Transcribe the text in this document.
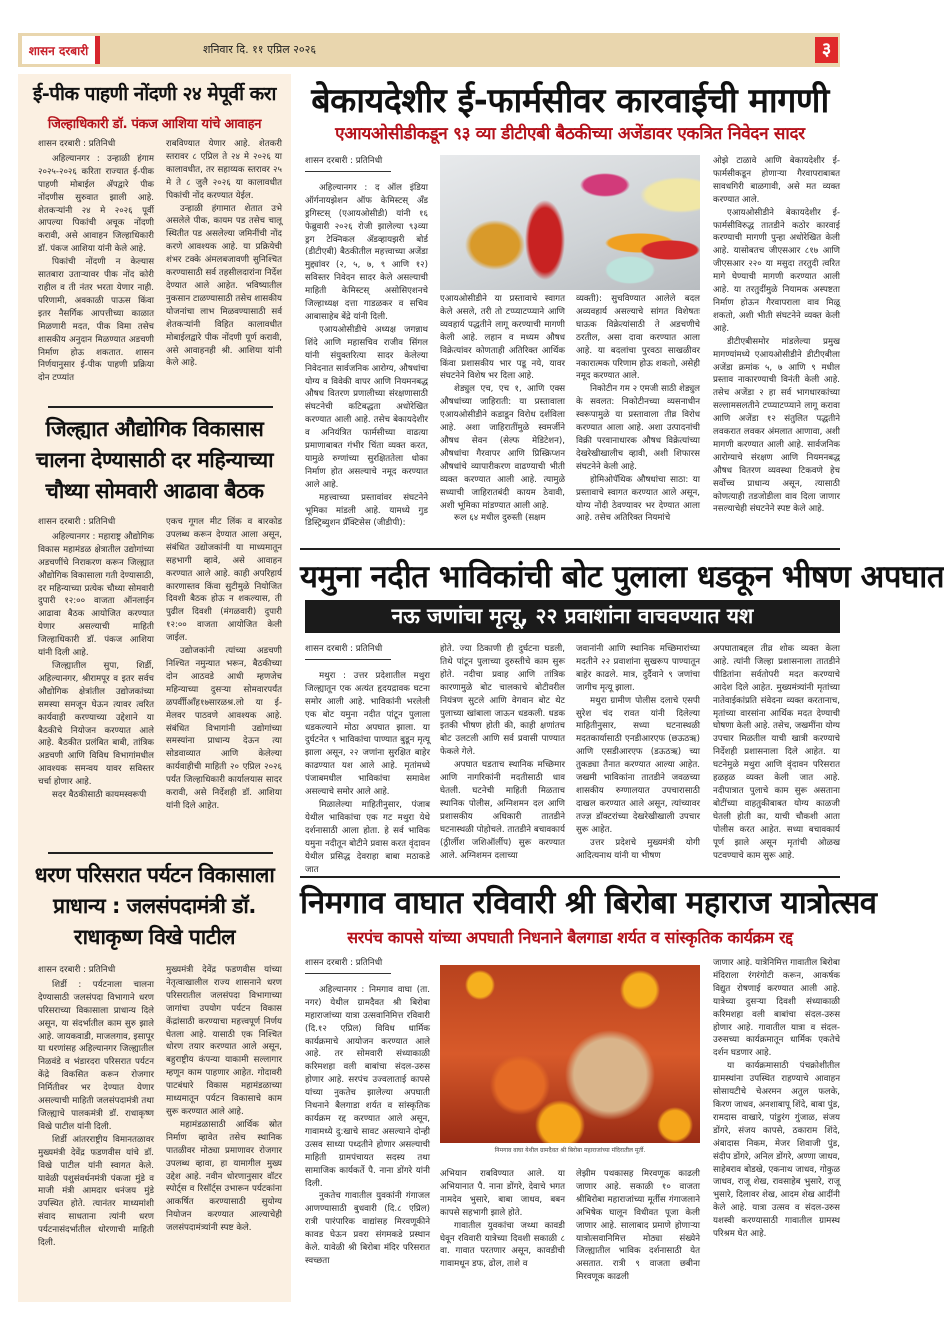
शासन दरबारी	शनिवार दि. ११ एप्रिल २०२६	३
ई-पीक पाहणी नोंदणी २४ मेपूर्वी करा
जिल्हाधिकारी डॉ. पंकज आशिया यांचे आवाहन
शासन दरबारी : प्रतिनिधी

अहिल्यानगर : उन्हाळी हंगाम २०२५-२०२६ करिता राज्यात ई-पीक पाहणी मोबाईल ॲपद्वारे पीक नोंदणीस सुरुवात झाली आहे. शेतकऱ्यांनी २४ मे २०२६ पूर्वी आपल्या पिकांची अचूक नोंदणी करावी, असे आवाहन जिल्हाधिकारी डॉ. पंकज आशिया यांनी केले आहे.

पिकांची नोंदणी न केल्यास सातबारा उताऱ्यावर पीक नोंद कोरी राहील व ती नंतर भरता येणार नाही. परिणामी, अवकाळी पाऊस किंवा इतर नैसर्गिक आपत्तीच्या काळात मिळणारी मदत, पीक विमा तसेच शासकीय अनुदान मिळण्यात अडचणी निर्माण होऊ शकतात. शासन निर्णयानुसार ई-पीक पाहणी प्रक्रिया दोन टप्प्यांत

राबविण्यात येणार आहे. शेतकरी स्तरावर ८ एप्रिल ते २४ मे २०२६ या कालावधीत, तर सहाय्यक स्तरावर २५ मे ते ८ जुलै २०२६ या कालावधीत पिकांची नोंद करण्यात येईल.

उन्हाळी हंगामात शेतात उभे असलेले पीक, कायम पड तसेच चालू स्थितीत पड असलेल्या जमिनींची नोंद करणे आवश्यक आहे. या प्रक्रियेची शंभर टक्के अंमलबजावणी सुनिश्चित करण्यासाठी सर्व तहसीलदारांना निर्देश देण्यात आले आहेत. भविष्यातील नुकसान टाळण्यासाठी तसेच शासकीय योजनांचा लाभ मिळवण्यासाठी सर्व शेतकऱ्यांनी विहित कालावधीत मोबाईलद्वारे पीक नोंदणी पूर्ण करावी, असे आवाहनही श्री. आशिया यांनी केले आहे.

जिल्ह्यात औद्योगिक विकासास
चालना देण्यासाठी दर महिन्याच्या
चौथ्या सोमवारी आढावा बैठक
शासन दरबारी : प्रतिनिधी

अहिल्यानगर : महाराष्ट्र औद्योगिक विकास महामंडळ क्षेत्रातील उद्योगांच्या अडचणींचे निराकरण करून जिल्ह्यात औद्योगिक विकासाला गती देण्यासाठी, दर महिन्याच्या प्रत्येक चौथ्या सोमवारी दुपारी १२:०० वाजता ऑनलाईन आढावा बैठक आयोजित करण्यात येणार असल्याची माहिती जिल्हाधिकारी डॉ. पंकज आशिया यांनी दिली आहे.

जिल्ह्यातील सुपा, शिर्डी, अहिल्यानगर, श्रीरामपूर व इतर सर्वच औद्योगिक क्षेत्रांतील उद्योजकांच्या समस्या समजून घेऊन त्यावर त्वरित कार्यवाही करण्याच्या उद्देशाने या बैठकीचे नियोजन करण्यात आले आहे. बैठकीत प्रलंबित बाबी, तांत्रिक अडचणी आणि विविध विभागांमधील आवश्यक समन्वय यावर सविस्तर चर्चा होणार आहे.

सदर बैठकीसाठी कायमस्वरूपी

एकच गूगल मीट लिंक व बारकोड उपलब्ध करून देण्यात आला असून, संबंधित उद्योजकांनी या माध्यमातून सहभागी व्हावे, असे आवाहन करण्यात आले आहे. काही अपरिहार्य कारणास्तव किंवा सुटीमुळे नियोजित दिवशी बैठक होऊ न शकल्यास, ती पुढील दिवशी (मंगळवारी) दुपारी १२:०० वाजता आयोजित केली जाईल.

उद्योजकांनी त्यांच्या अडचणी निश्चित नमुन्यात भरून, बैठकीच्या दोन आठवडे आधी म्हणजेच महिन्याच्या दुसऱ्या सोमवारपर्यंत ळपर्वीीऑंह१७सारळश्र.लो या ई-मेलवर पाठवणे आवश्यक आहे. संबंधित विभागांनी उद्योगांच्या समस्यांना प्राधान्य देऊन त्या सोडवाव्यात आणि केलेल्या कार्यवाहीची माहिती २० एप्रिल २०२६ पर्यंत जिल्हाधिकारी कार्यालयास सादर करावी, असे निर्देशही डॉ. आशिया यांनी दिले आहेत.

धरण परिसरात पर्यटन विकासाला
प्राधान्य : जलसंपदामंत्री डॉ.
राधाकृष्ण विखे पाटील
शासन दरबारी : प्रतिनिधी

शिर्डी : पर्यटनाला चालना देण्यासाठी जलसंपदा विभागाने धरण परिसराच्या विकासाला प्राधान्य दिले असून, या संदर्भातील काम सुरु झाले आहे. जायकवाडी, माजलगाव, इसापूर या धरणांसह अहिल्यानगर जिल्ह्यातील निळवंडे व भंडारदरा परिसरात पर्यटन केंद्रे विकसित करून रोजगार निर्मितीवर भर देण्यात येणार असल्याची माहिती जलसंपदामंत्री तथा जिल्ह्याचे पालकमंत्री डॉ. राधाकृष्ण विखे पाटील यांनी दिली.

शिर्डी आंतरराष्ट्रीय विमानतळावर मुख्यमंत्री देवेंद्र फडणवीस यांचे डॉ. विखे पाटील यांनी स्वागत केले. यावेळी पशुसंवर्धनमंत्री पंकजा मुंडे व माजी मंत्री आमदार धनंजय मुंडे उपस्थित होते. त्यानंतर माध्यमांशी संवाद साधताना त्यांनी धरण पर्यटनासंदर्भातील धोरणाची माहिती दिली.

मुख्यमंत्री देवेंद्र फडणवीस यांच्या नेतृत्वाखालील राज्य शासनाने धरण परिसरातील जलसंपदा विभागाच्या जागांचा उपयोग पर्यटन विकास केंद्रांसाठी करण्याचा महत्त्वपूर्ण निर्णय घेतला आहे. यासाठी एक निश्चित धोरण तयार करण्यात आले असून, बहुराष्ट्रीय कंपन्या याकामी सल्लागार म्हणून काम पाहणार आहेत. गोदावरी पाटबंधारे विकास महामंडळाच्या माध्यमातून पर्यटन विकासाचे काम सुरू करण्यात आले आहे.

महामंडळासाठी आर्थिक स्रोत निर्माण व्हावेत तसेच स्थानिक पातळीवर मोठ्या प्रमाणावर रोजगार उपलब्ध व्हावा, हा यामागील मुख्य उद्देश आहे. नवीन धोरणानुसार वॉटर स्पोर्ट्स व रिसॉर्ट्स उभारून पर्यटकांना आकर्षित करण्यासाठी सुयोग्य नियोजन करण्यात आल्याचेही जलसंपदामंत्र्यांनी स्पष्ट केले.

बेकायदेशीर ई-फार्मसीवर कारवाईची मागणी
एआयओसीडीकडून ९३ व्या डीटीएबी बैठकीच्या अजेंडावर एकत्रित निवेदन सादर
शासन दरबारी : प्रतिनिधी

अहिल्यानगर : द ऑल इंडिया ऑर्गनायझेशन ऑफ केमिस्टस्‌ अँड ड्रगिस्टस्‌ (एआयओसीडी) यांनी १६ फेब्रुवारी २०२६ रोजी झालेल्या ९३व्या ड्रग टेक्निकल ॲडव्हायझरी बोर्ड (डीटीएबी) बैठकीतील महत्त्वाच्या अजेंडा मुद्द्यांवर (२, ५, ७, ९ आणि १२) सविस्तर निवेदन सादर केले असल्याची माहिती केमिस्टस्‌ असोसिएशनचे जिल्हाध्यक्ष दत्ता गाडळकर व सचिव आबासाहेब बेंद्रे यांनी दिली.

एआयओसीडीचे अध्यक्ष जगन्नाथ शिंदे आणि महासचिव राजीव सिंगल यांनी संयुक्तरित्या सादर केलेल्या निवेदनात सार्वजनिक आरोग्य, औषधांचा योग्य व विवेकी वापर आणि नियमनबद्ध औषध वितरण प्रणालीच्या संरक्षणासाठी संघटनेची कटिबद्धता अधोरेखित करण्यात आली आहे. तसेच बेकायदेशीर व अनियंत्रित फार्मसीच्या वाढत्या प्रमाणाबाबत गंभीर चिंता व्यक्त करत, यामुळे रुग्णांच्या सुरक्षिततेला धोका निर्माण होत असल्याचे नमूद करण्यात आले आहे.

महत्त्वाच्या प्रस्तावांवर संघटनेने भूमिका मांडली आहे. यामध्ये गुड डिस्ट्रिब्युशन प्रॅक्टिसेस (जीडीपी):

एआयओसीडीने या प्रस्तावाचे स्वागत केले असले, तरी तो टप्प्याटप्प्याने आणि व्यवहार्य पद्धतीने लागू करण्याची मागणी केली आहे. लहान व मध्यम औषध विक्रेत्यांवर कोणताही अतिरिक्त आर्थिक किंवा प्रशासकीय भार पडू नये, यावर संघटनेने विशेष भर दिला आहे.

शेड्युल एच, एच १, आणि एक्स औषधांच्या जाहिराती: या प्रस्तावाला एआयओसीडीने कडाडून विरोध दर्शविला आहे. अशा जाहिरातींमुळे स्वमर्जीने औषध सेवन (सेल्फ मेडिटेशन), औषधांचा गैरवापर आणि प्रिस्क्रिप्शन औषधांचे व्यापारीकरण वाढण्याची भीती व्यक्त करण्यात आली आहे. त्यामुळे सध्याची जाहिरातबंदी कायम ठेवावी, अशी भूमिका मांडण्यात आली आहे.

रूल ६४ मधील दुरुस्ती (सक्षम

व्यक्ती): सुचविण्यात आलेले बदल अव्यवहार्य असल्याचे सांगत विशेषतः घाऊक विक्रेत्यांसाठी ते अडचणीचे ठरतील, असा दावा करण्यात आला आहे. या बदलांचा पुरवठा साखळीवर नकारात्मक परिणाम होऊ शकतो, असेही नमूद करण्यात आले.

निकोटीन गम २ एमजी साठी शेड्युल के सवलत: निकोटीनच्या व्यसनाधीन स्वरूपामुळे या प्रस्तावाला तीव्र विरोध करण्यात आला आहे. अशा उत्पादनांची विक्री परवानाधारक औषध विक्रेत्यांच्या देखरेखीखालीच व्हावी, अशी शिफारस संघटनेने केली आहे.

होमिओपॅथिक औषधांचा साठा: या प्रस्तावाचे स्वागत करण्यात आले असून, योग्य नोंदी ठेवण्यावर भर देण्यात आला आहे. तसेच अतिरिक्त नियमांचे

ओझे टाळावे आणि बेकायदेशीर ई-फार्मसीकडून होणाऱ्या गैरवापराबाबत सावधगिरी बाळगावी, असे मत व्यक्त करण्यात आले.

एआयओसीडीने बेकायदेशीर ई-फार्मसीविरुद्ध तातडीने कठोर कारवाई करण्याची मागणी पुन्हा अधोरेखित केली आहे. यासोबतच जीएसआर ८१७ आणि जीएसआर २२० या मसुदा तरतुदी त्वरित मागे घेण्याची मागणी करण्यात आली आहे. या तरतुदींमुळे नियामक अस्पष्टता निर्माण होऊन गैरवापराला वाव मिळू शकतो, अशी भीती संघटनेने व्यक्त केली आहे.

डीटीएबीसमोर मांडलेल्या प्रमुख मागण्यांमध्ये एआयओसीडीने डीटीएबीला अजेंडा क्रमांक ५, ७ आणि ९ मधील प्रस्ताव नाकारण्याची विनंती केली आहे. तसेच अजेंडा २ हा सर्व भागधारकांच्या सल्लामसलतीने टप्प्याटप्प्याने लागू करावा आणि अजेंडा १२ संतुलित पद्धतीने लवकरात लवकर अंमलात आणावा, अशी मागणी करण्यात आली आहे. सार्वजनिक आरोग्याचे संरक्षण आणि नियमनबद्ध औषध वितरण व्यवस्था टिकवणे हेच सर्वोच्च प्राधान्य असून, त्यासाठी कोणत्याही तडजोडीला वाव दिला जाणार नसल्याचेही संघटनेने स्पष्ट केले आहे.

यमुना नदीत भाविकांची बोट पुलाला धडकून भीषण अपघात
नऊ जणांचा मृत्यू, २२ प्रवाशांना वाचवण्यात यश
शासन दरबारी : प्रतिनिधी

मथुरा : उत्तर प्रदेशातील मथुरा जिल्ह्यातून एक अत्यंत हृदयद्रावक घटना समोर आली आहे. भाविकांनी भरलेली एक बोट यमुना नदीत पांटून पुलाला धडकल्याने मोठा अपघात झाला. या दुर्घटनेत ९ भाविकांचा पाण्यात बुडून मृत्यू झाला असून, २२ जणांना सुरक्षित बाहेर काढण्यात यश आले आहे. मृतांमध्ये पंजाबमधील भाविकांचा समावेश असल्याचे समोर आले आहे.

मिळालेल्या माहितीनुसार, पंजाब येथील भाविकांचा एक गट मथुरा येथे दर्शनासाठी आला होता. हे सर्व भाविक यमुना नदीतून बोटीने प्रवास करत वृंदावन येथील प्रसिद्ध देवराहा बाबा मठाकडे जात

होते. ज्या ठिकाणी ही दुर्घटना घडली, तिथे पांटून पुलाच्या दुरुस्तीचे काम सुरू होते. नदीचा प्रवाह आणि तांत्रिक कारणामुळे बोट चालकाचे बोटीवरील नियंत्रण सुटले आणि वेगवान बोट थेट पुलाच्या खांबाला जाऊन धडकली. धडक इतकी भीषण होती की, काही क्षणांतच बोट उलटली आणि सर्व प्रवासी पाण्यात फेकले गेले.

अपघात घडताच स्थानिक मच्छिमार आणि नागरिकांनी मदतीसाठी धाव घेतली. घटनेची माहिती मिळताच स्थानिक पोलीस, अग्निशमन दल आणि प्रशासकीय अधिकारी तातडीने घटनास्थळी पोहोचले. तातडीने बचावकार्य (ठ्रीर्लीश जशिऑर्लीप) सुरू करण्यात आले. अग्निशमन दलाच्या

जवानांनी आणि स्थानिक मच्छिमारांच्या मदतीने २२ प्रवाशांना सुखरूप पाण्यातून बाहेर काढले. मात्र, दुर्दैवाने ९ जणांचा जागीच मृत्यू झाला.

मथुरा ग्रामीण पोलीस दलाचे एसपी सुरेश चंद रावत यांनी दिलेल्या माहितीनुसार, सध्या घटनास्थळी मदतकार्यासाठी एनडीआरएफ (छऊठऋ) आणि एसडीआरएफ (डऊठऋ) च्या तुकड्या तैनात करण्यात आल्या आहेत. जखमी भाविकांना तातडीने जवळच्या शासकीय रुग्णालयात उपचारासाठी दाखल करण्यात आले असून, त्यांच्यावर तज्ज्ञ डॉक्टरांच्या देखरेखीखाली उपचार सुरू आहेत.

उत्तर प्रदेशचे मुख्यमंत्री योगी आदित्यनाथ यांनी या भीषण

अपघाताबद्दल तीव्र शोक व्यक्त केला आहे. त्यांनी जिल्हा प्रशासनाला तातडीने पीडितांना सर्वतोपरी मदत करण्याचे आदेश दिले आहेत. मुख्यमंत्र्यांनी मृतांच्या नातेवाईकांप्रति संवेदना व्यक्त करतानाच, मृतांच्या वारसांना आर्थिक मदत देण्याची घोषणा केली आहे. तसेच, जखमींना योग्य उपचार मिळतील याची खात्री करण्याचे निर्देशही प्रशासनाला दिले आहेत. या घटनेमुळे मथुरा आणि वृंदावन परिसरात हळहळ व्यक्त केली जात आहे. नदीपात्रात पुलाचे काम सुरू असताना बोटींच्या वाहतुकीबाबत योग्य काळजी घेतली होती का, याची चौकशी आता पोलीस करत आहेत. सध्या बचावकार्य पूर्ण झाले असून मृतांची ओळख पटवण्याचे काम सुरू आहे.

निमगाव वाघात रविवारी श्री बिरोबा महाराज यात्रोत्सव
सरपंच कापसे यांच्या अपघाती निधनाने बैलगाडा शर्यत व सांस्कृतिक कार्यक्रम रद्द
शासन दरबारी : प्रतिनिधी

अहिल्यानगर : निमगाव वाघा (ता. नगर) येथील ग्रामदैवत श्री बिरोबा महाराजांच्या यात्रा उत्सवानिमित्त रविवारी (दि.१२ एप्रिल) विविध धार्मिक कार्यक्रमाचे आयोजन करण्यात आले आहे. तर सोमवारी संध्याकाळी करिमशहा वली बाबांचा संदल-उरुस होणार आहे. सरपंच उज्वलाताई कापसे यांच्या नुकतेच झालेल्या अपघाती निधनाने बैलगाडा शर्यत व सांस्कृतिक कार्यक्रम रद्द करण्यात आले असून, गावामध्ये दु:खाचे सावट असल्याने दोन्ही उत्सव साध्या पध्दतीने होणार असल्याची माहिती ग्रामपंचायत सदस्य तथा सामाजिक कार्यकर्ते पै. नाना डोंगरे यांनी दिली.

नुकतेच गावातील युवकांनी गंगाजल आणण्यासाठी बुधवारी (दि.८ एप्रिल) रात्री पारंपारिक वाद्यांसह मिरवणूकीने कावड घेऊन प्रवरा संगमकडे प्रस्थान केले. यावेळी श्री बिरोबा मंदिर परिसरात स्वच्छता

निमगाव वाघा येथील ग्रामदैवत श्री बिरोबा महाराजांच्या मंदिरातील मूर्ती.

अभियान राबविण्यात आले. या अभियानात पै. नाना डोंगरे, देवाचे भगत नामदेव भुसारे, बाबा जाधव, बबन कापसे सहभागी झाले होते.

गावातील युवकांचा जथ्था कावडी घेवून रविवारी यात्रेच्या दिवशी सकाळी ८ वा. गावात परतणार असून, कावडीची गावामधून डफ, ढोल, ताशे व

लेझीम पथकासह मिरवणूक काढली जाणार आहे. सकाळी १० वाजता श्रीबिरोबा महाराजांच्या मूर्तीस गंगाजलाने अभिषेक घालून विधीवत पूजा केली जाणार आहे. सालाबाद प्रमाणे होणाऱ्या यात्रोत्सवानिमित्त मोठ्या संख्येने जिल्ह्यातील भाविक दर्शनासाठी येत असतात. रात्री ९ वाजता छबीना मिरवणूक काढली

जाणार आहे. यात्रेनिमित्त गावातील बिरोबा मंदिराला रंगरंगोटी करून, आकर्षक विद्युत रोषणाई करण्यात आली आहे. यात्रेच्या दुसऱ्या दिवशी संध्याकाळी करिमशहा वली बाबांचा संदल-उरुस होणार आहे. गावातील यात्रा व संदल-उरुसच्या कार्यक्रमातून धार्मिक एकतेचे दर्शन घडणार आहे.

या कार्यक्रमासाठी पंचक्रोशीतील ग्रामस्थांना उपस्थित राहण्याचे आवाहन सोसायटीचे चेअरमन अतुल फलके, किरण जाधव, अनशाबापू शिंदे, बाबा पुंड, रामदास वाखारे, पांडुरंग गुंजाळ, संजय डोंगरे, संजय कापसे, ठकाराम शिंदे, अंबादास निकम, मेजर शिवाजी पुंड, संदीप डोंगरे, अनिल डोंगरे, अण्णा जाधव, साहेबराव बोडखे, एकनाथ जाधव, गोकुळ जाधव, राजू शेख, रावसाहेब भुसारे, राजू भुसारे, दिलावर शेख, आदम शेख आदींनी केले आहे. यात्रा उत्सव व संदल-उरुस यशस्वी करण्यासाठी गावातील ग्रामस्थ परिश्रम घेत आहे.
